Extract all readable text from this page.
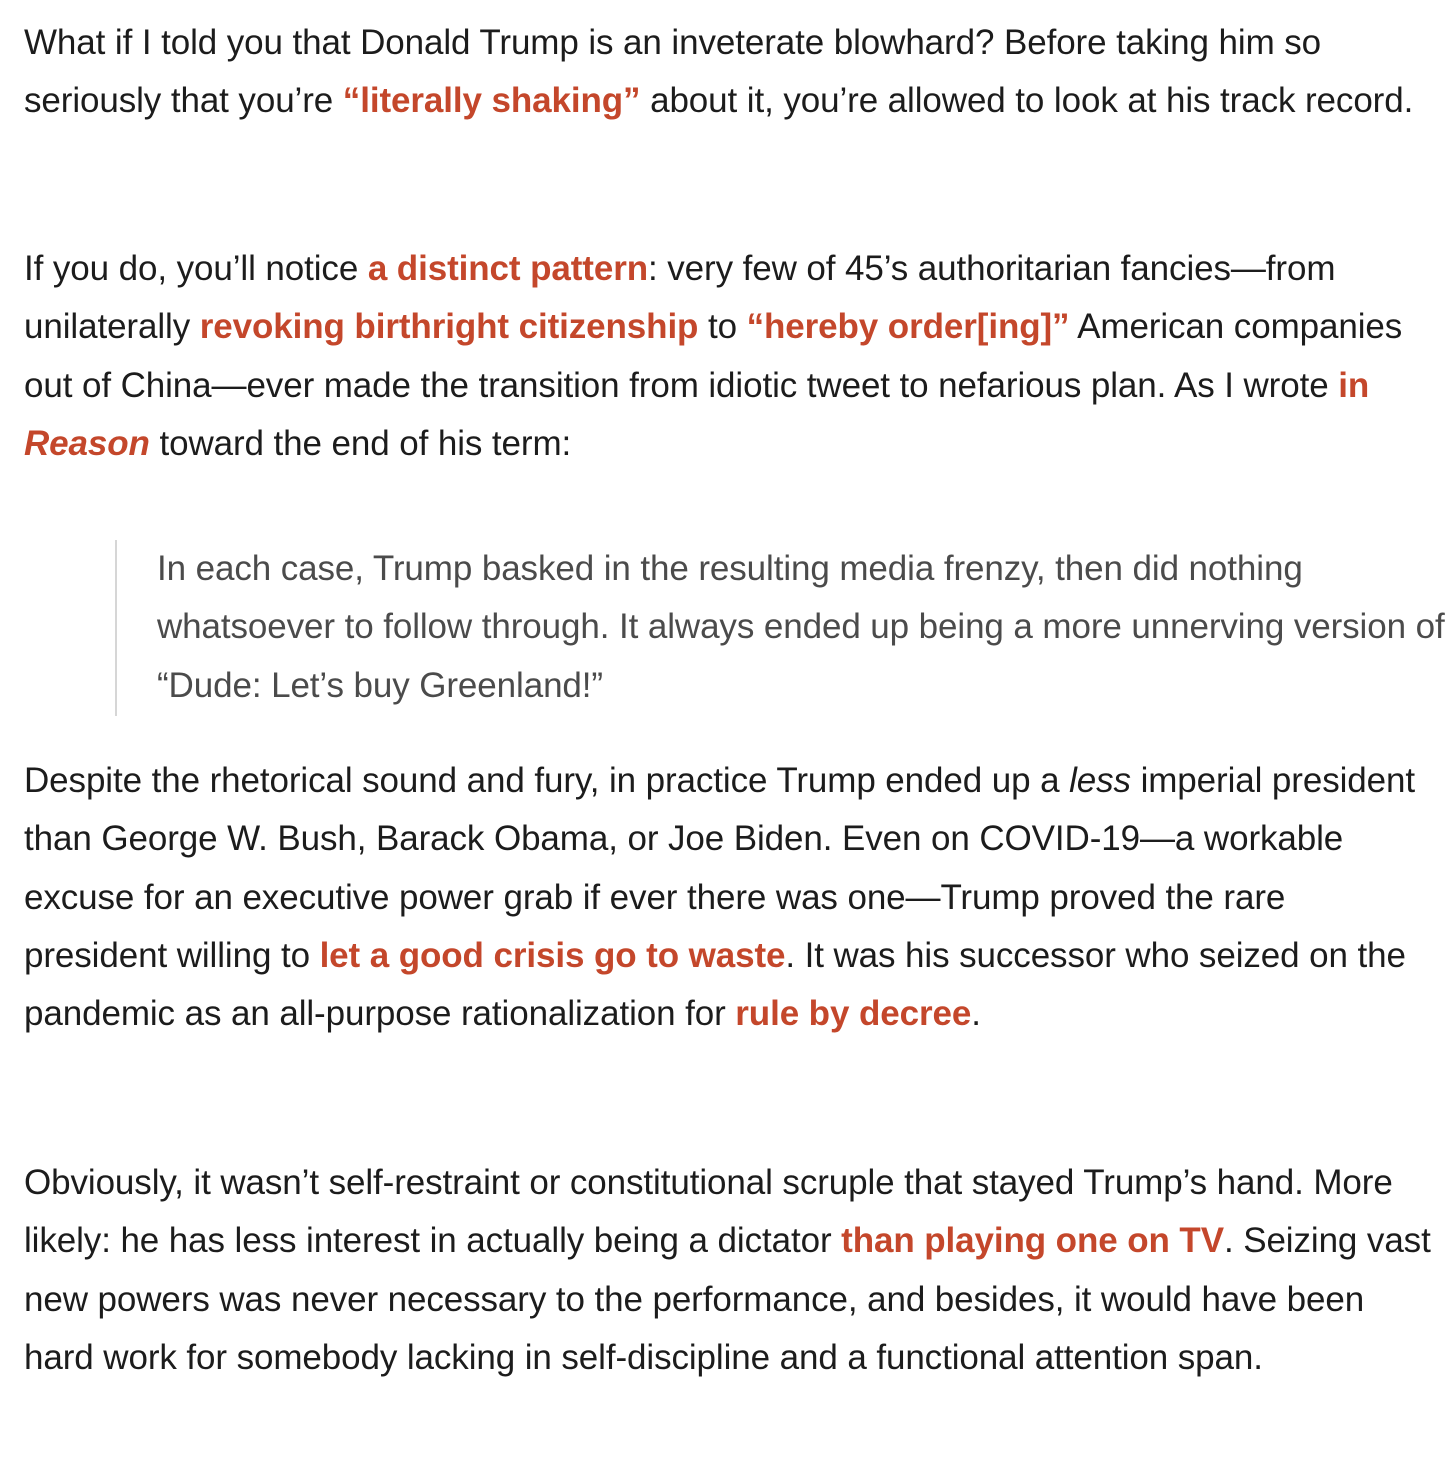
What if I told you that Donald Trump is an inveterate blowhard? Before taking him so seriously that you’re “literally shaking” about it, you’re allowed to look at his track record.

If you do, you’ll notice a distinct pattern: very few of 45’s authoritarian fancies—from unilaterally revoking birthright citizenship to “hereby order[ing]” American companies out of China—ever made the transition from idiotic tweet to nefarious plan. As I wrote in Reason toward the end of his term:

In each case, Trump basked in the resulting media frenzy, then did nothing whatsoever to follow through. It always ended up being a more unnerving version of “Dude: Let’s buy Greenland!”

Despite the rhetorical sound and fury, in practice Trump ended up a less imperial president than George W. Bush, Barack Obama, or Joe Biden. Even on COVID-19—a workable excuse for an executive power grab if ever there was one—Trump proved the rare president willing to let a good crisis go to waste. It was his successor who seized on the pandemic as an all-purpose rationalization for rule by decree.

Obviously, it wasn’t self-restraint or constitutional scruple that stayed Trump’s hand. More likely: he has less interest in actually being a dictator than playing one on TV. Seizing vast new powers was never necessary to the performance, and besides, it would have been hard work for somebody lacking in self-discipline and a functional attention span.
